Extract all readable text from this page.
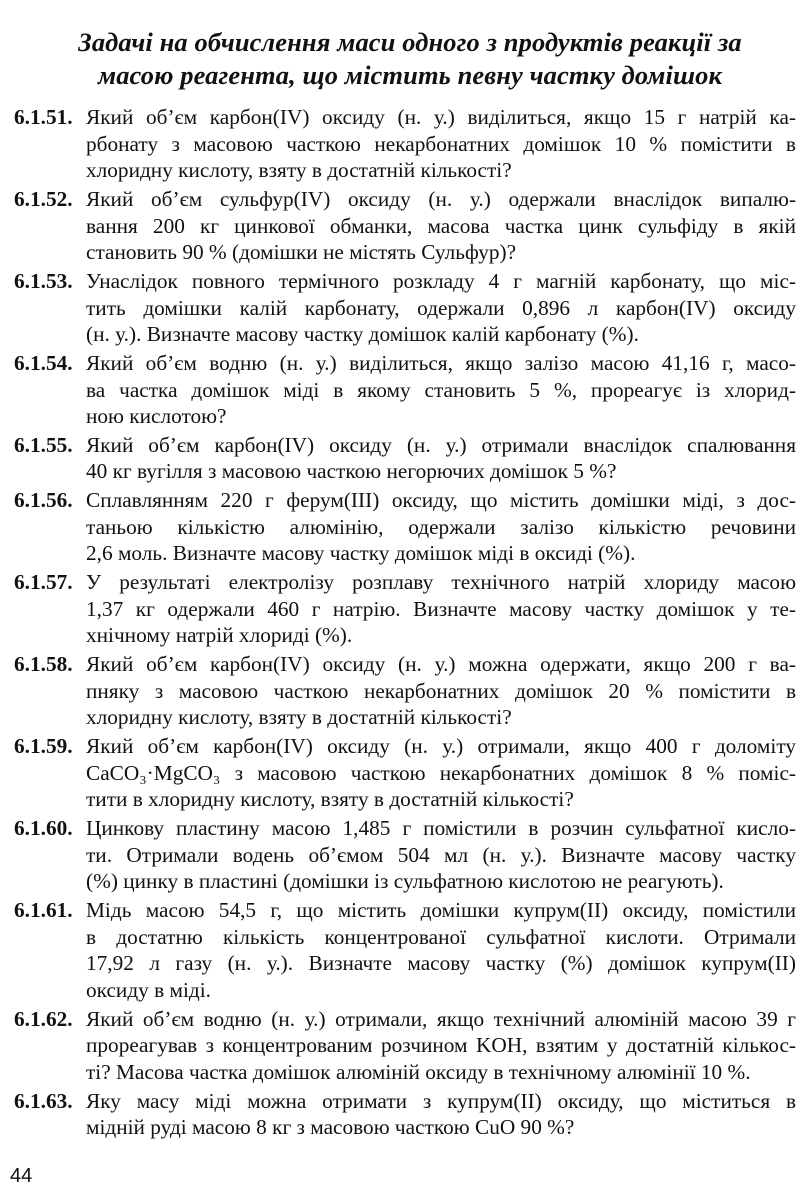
Задачі на обчислення маси одного з продуктів реакції за
масою реагента, що містить певну частку домішок
6.1.51. Який об’єм карбон(IV) оксиду (н. у.) виділиться, якщо 15 г натрій ка-
рбонату з масовою часткою некарбонатних домішок 10 % помістити в
хлоридну кислоту, взяту в достатній кількості?
6.1.52. Який об’єм сульфур(IV) оксиду (н. у.) одержали внаслідок випалю-
вання 200 кг цинкової обманки, масова частка цинк сульфіду в якій
становить 90 % (домішки не містять Сульфур)?
6.1.53. Унаслідок повного термічного розкладу 4 г магній карбонату, що міс-
тить домішки калій карбонату, одержали 0,896 л карбон(IV) оксиду
(н. у.). Визначте масову частку домішок калій карбонату (%).
6.1.54. Який об’єм водню (н. у.) виділиться, якщо залізо масою 41,16 г, масо-
ва частка домішок міді в якому становить 5 %, прореагує із хлорид-
ною кислотою?
6.1.55. Який об’єм карбон(IV) оксиду (н. у.) отримали внаслідок спалювання
40 кг вугілля з масовою часткою негорючих домішок 5 %?
6.1.56. Сплавлянням 220 г ферум(III) оксиду, що містить домішки міді, з дос-
таньою кількістю алюмінію, одержали залізо кількістю речовини
2,6 моль. Визначте масову частку домішок міді в оксиді (%).
6.1.57. У результаті електролізу розплаву технічного натрій хлориду масою
1,37 кг одержали 460 г натрію. Визначте масову частку домішок у те-
хнічному натрій хлориді (%).
6.1.58. Який об’єм карбон(IV) оксиду (н. у.) можна одержати, якщо 200 г ва-
пняку з масовою часткою некарбонатних домішок 20 % помістити в
хлоридну кислоту, взяту в достатній кількості?
6.1.59. Який об’єм карбон(IV) оксиду (н. у.) отримали, якщо 400 г доломіту
CaCO₃·MgCO₃ з масовою часткою некарбонатних домішок 8 % поміс-
тити в хлоридну кислоту, взяту в достатній кількості?
6.1.60. Цинкову пластину масою 1,485 г помістили в розчин сульфатної кисло-
ти. Отримали водень об’ємом 504 мл (н. у.). Визначте масову частку
(%) цинку в пластині (домішки із сульфатною кислотою не реагують).
6.1.61. Мідь масою 54,5 г, що містить домішки купрум(II) оксиду, помістили
в достатню кількість концентрованої сульфатної кислоти. Отримали
17,92 л газу (н. у.). Визначте масову частку (%) домішок купрум(II)
оксиду в міді.
6.1.62. Який об’єм водню (н. у.) отримали, якщо технічний алюміній масою 39 г
прореагував з концентрованим розчином KOH, взятим у достатній кількос-
ті? Масова частка домішок алюміній оксиду в технічному алюмінії 10 %.
6.1.63. Яку масу міді можна отримати з купрум(II) оксиду, що міститься в
мідній руді масою 8 кг з масовою часткою CuO 90 %?
44
